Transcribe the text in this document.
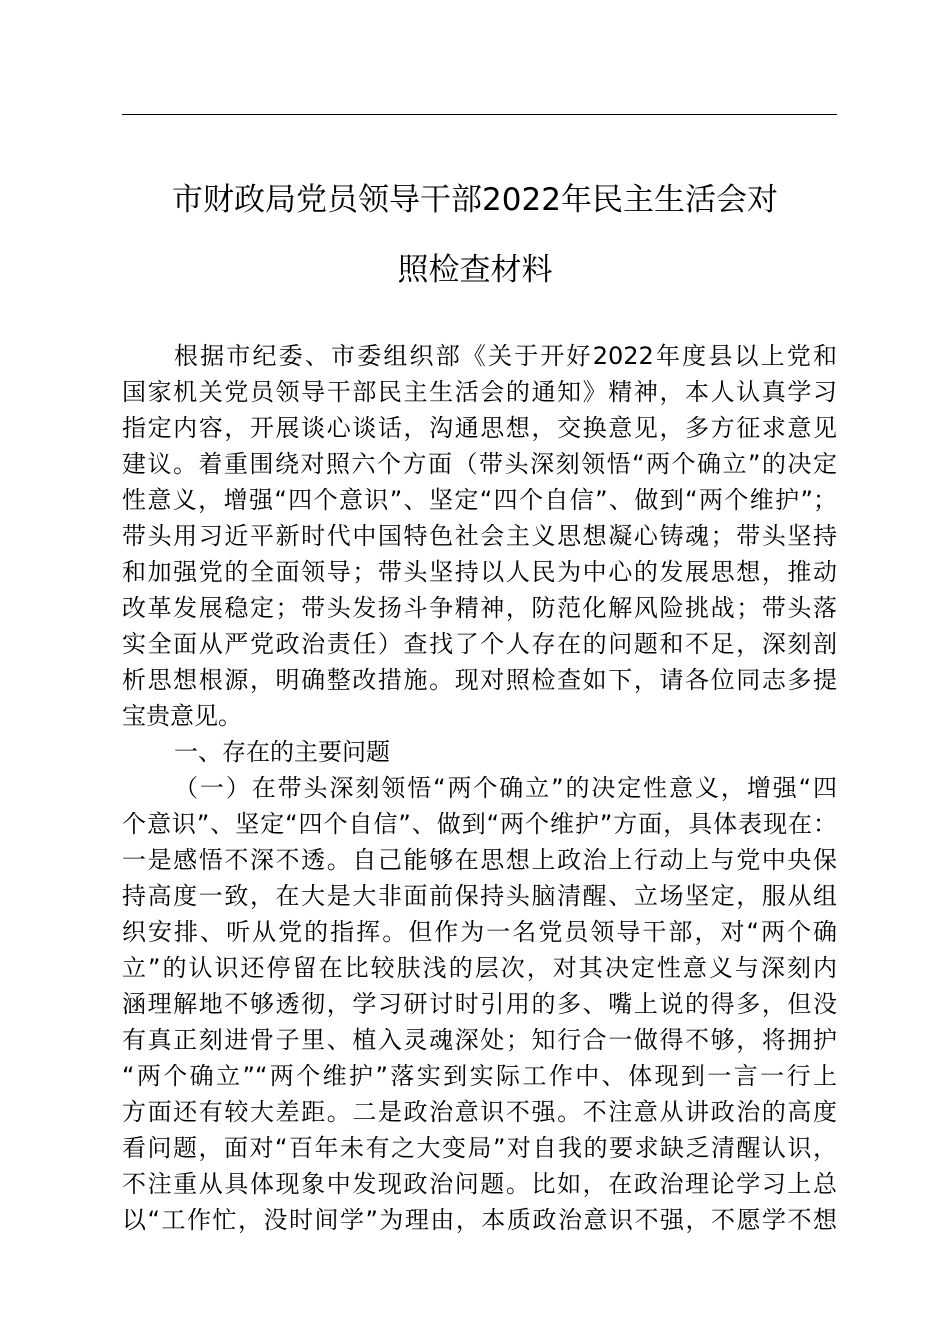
市财政局党员领导干部2022年民主生活会对
照检查材料
根据市纪委、市委组织部《关于开好2022年度县以上党和
国家机关党员领导干部民主生活会的通知》精神，本人认真学习
指定内容，开展谈心谈话，沟通思想，交换意见，多方征求意见
建议。着重围绕对照六个方面（带头深刻领悟“两个确立”的决定
性意义，增强“四个意识”、坚定“四个自信”、做到“两个维护”；
带头用习近平新时代中国特色社会主义思想凝心铸魂；带头坚持
和加强党的全面领导；带头坚持以人民为中心的发展思想，推动
改革发展稳定；带头发扬斗争精神，防范化解风险挑战；带头落
实全面从严党政治责任）查找了个人存在的问题和不足，深刻剖
析思想根源，明确整改措施。现对照检查如下，请各位同志多提
宝贵意见。
一、存在的主要问题
（一）在带头深刻领悟“两个确立”的决定性意义，增强“四
个意识”、坚定“四个自信”、做到“两个维护”方面，具体表现在：
一是感悟不深不透。自己能够在思想上政治上行动上与党中央保
持高度一致，在大是大非面前保持头脑清醒、立场坚定，服从组
织安排、听从党的指挥。但作为一名党员领导干部，对“两个确
立”的认识还停留在比较肤浅的层次，对其决定性意义与深刻内
涵理解地不够透彻，学习研讨时引用的多、嘴上说的得多，但没
有真正刻进骨子里、植入灵魂深处；知行合一做得不够，将拥护
“两个确立”“两个维护”落实到实际工作中、体现到一言一行上
方面还有较大差距。二是政治意识不强。不注意从讲政治的高度
看问题，面对“百年未有之大变局”对自我的要求缺乏清醒认识，
不注重从具体现象中发现政治问题。比如，在政治理论学习上总
以“工作忙，没时间学”为理由，本质政治意识不强，不愿学不想
